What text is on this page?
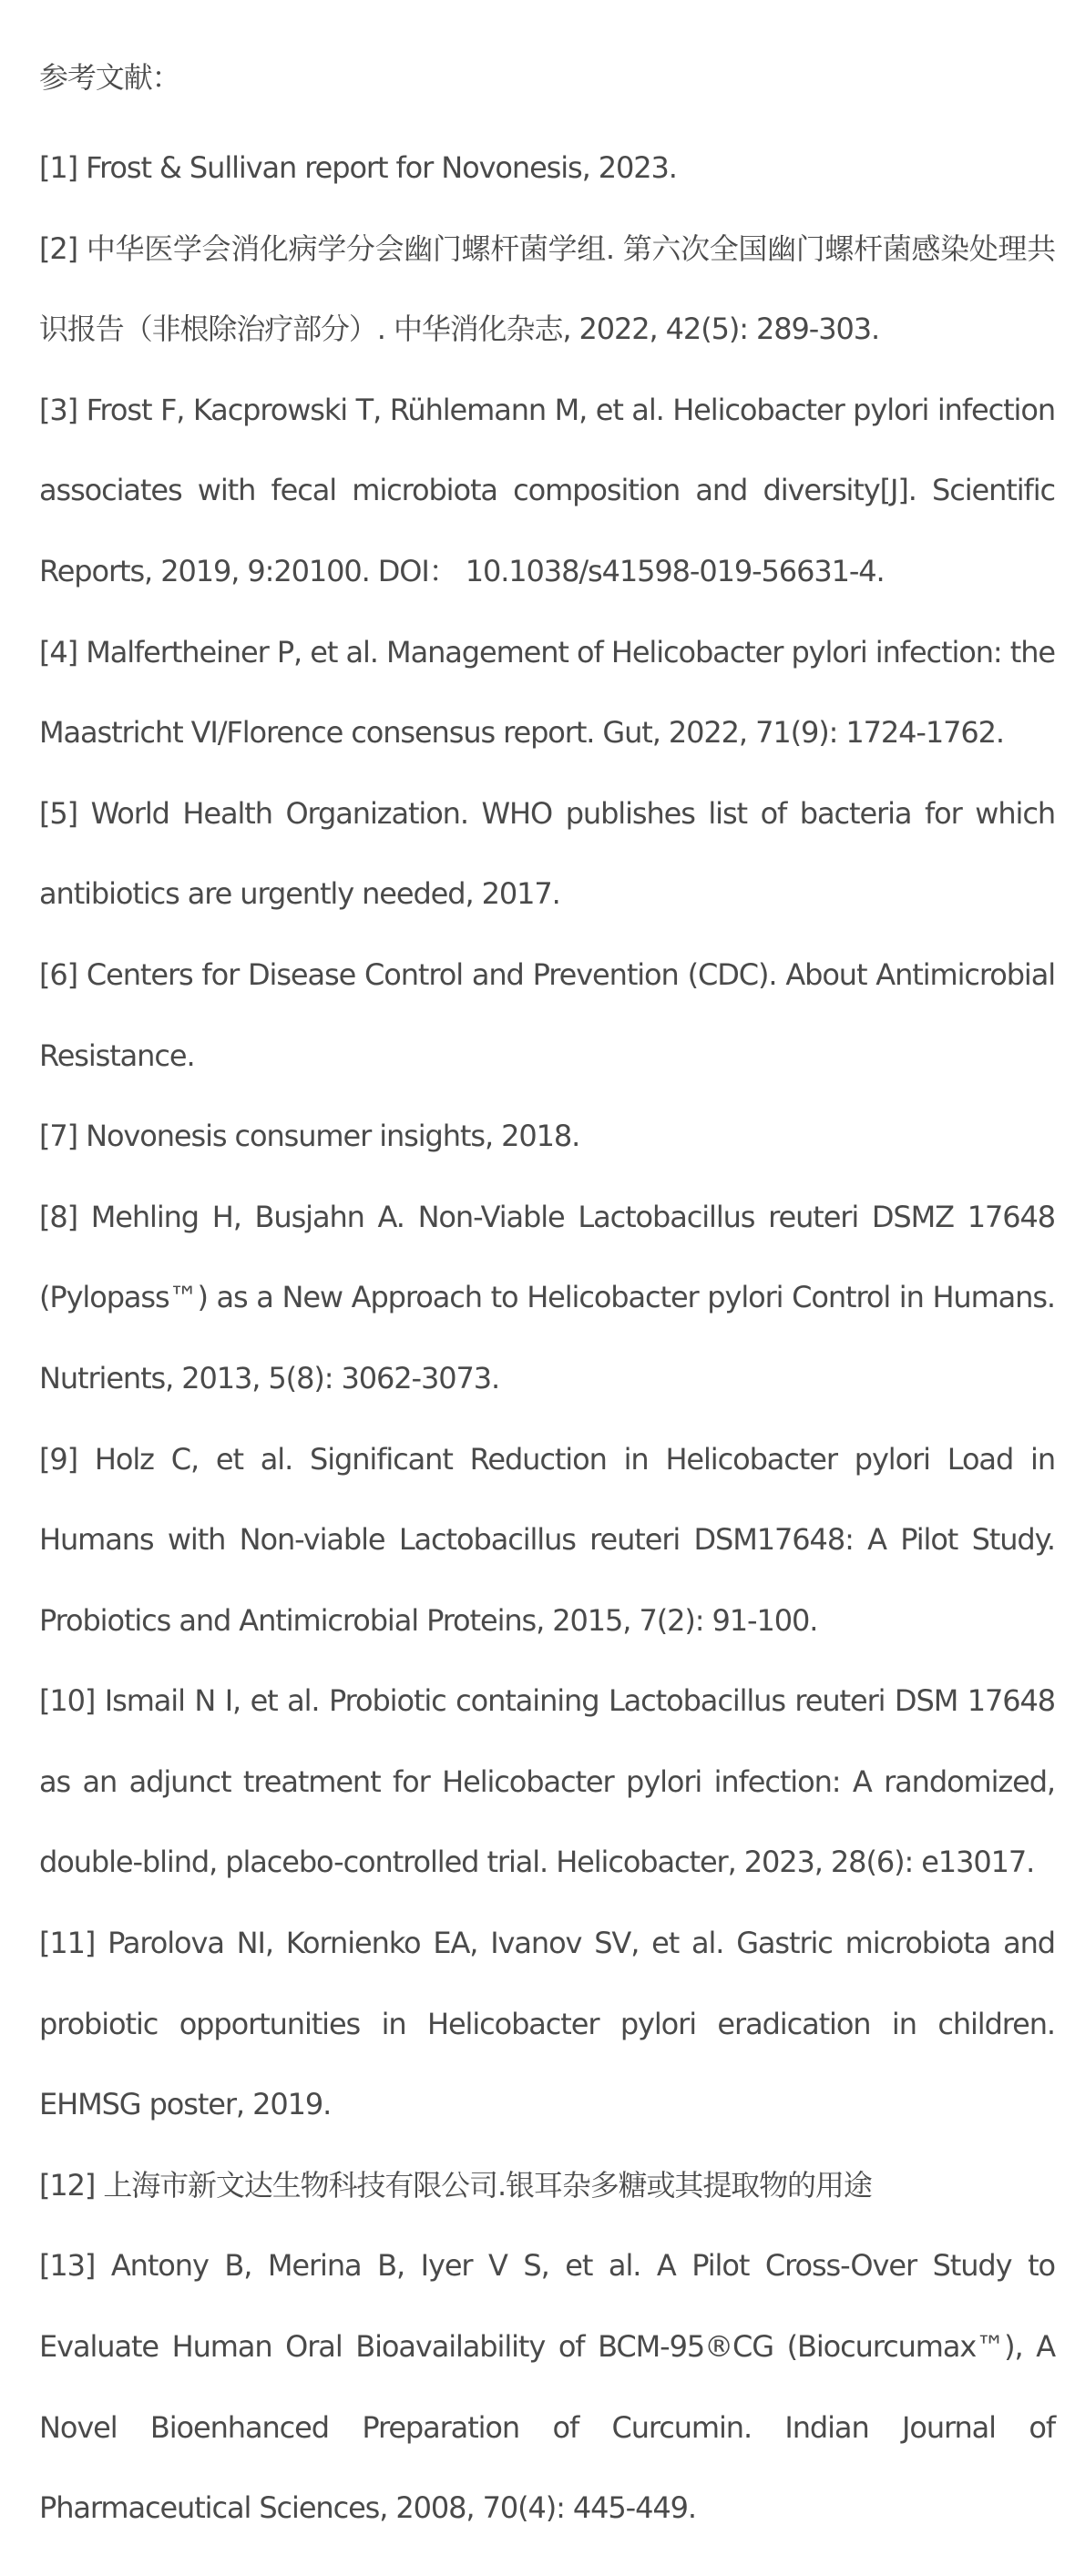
参考文献：
[1] Frost & Sullivan report for Novonesis, 2023.
[2] 中华医学会消化病学分会幽门螺杆菌学组. 第六次全国幽门螺杆菌感染处理共识报告（非根除治疗部分）. 中华消化杂志, 2022, 42(5): 289-303.
[3] Frost F, Kacprowski T, Rühlemann M, et al. Helicobacter pylori infection associates with fecal microbiota composition and diversity[J]. Scientific Reports, 2019, 9:20100. DOI： 10.1038/s41598-019-56631-4.
[4] Malfertheiner P, et al. Management of Helicobacter pylori infection: the Maastricht VI/Florence consensus report. Gut, 2022, 71(9): 1724-1762.
[5] World Health Organization. WHO publishes list of bacteria for which antibiotics are urgently needed, 2017.
[6] Centers for Disease Control and Prevention (CDC). About Antimicrobial Resistance.
[7] Novonesis consumer insights, 2018.
[8] Mehling H, Busjahn A. Non-Viable Lactobacillus reuteri DSMZ 17648 (Pylopass™) as a New Approach to Helicobacter pylori Control in Humans. Nutrients, 2013, 5(8): 3062-3073.
[9] Holz C, et al. Significant Reduction in Helicobacter pylori Load in Humans with Non-viable Lactobacillus reuteri DSM17648: A Pilot Study. Probiotics and Antimicrobial Proteins, 2015, 7(2): 91-100.
[10] Ismail N I, et al. Probiotic containing Lactobacillus reuteri DSM 17648 as an adjunct treatment for Helicobacter pylori infection: A randomized, double-blind, placebo-controlled trial. Helicobacter, 2023, 28(6): e13017.
[11] Parolova NI, Kornienko EA, Ivanov SV, et al. Gastric microbiota and probiotic opportunities in Helicobacter pylori eradication in children. EHMSG poster, 2019.
[12] 上海市新文达生物科技有限公司.银耳杂多糖或其提取物的用途
[13] Antony B, Merina B, Iyer V S, et al. A Pilot Cross-Over Study to Evaluate Human Oral Bioavailability of BCM-95®CG (Biocurcumax™), A Novel Bioenhanced Preparation of Curcumin. Indian Journal of Pharmaceutical Sciences, 2008, 70(4): 445-449.
